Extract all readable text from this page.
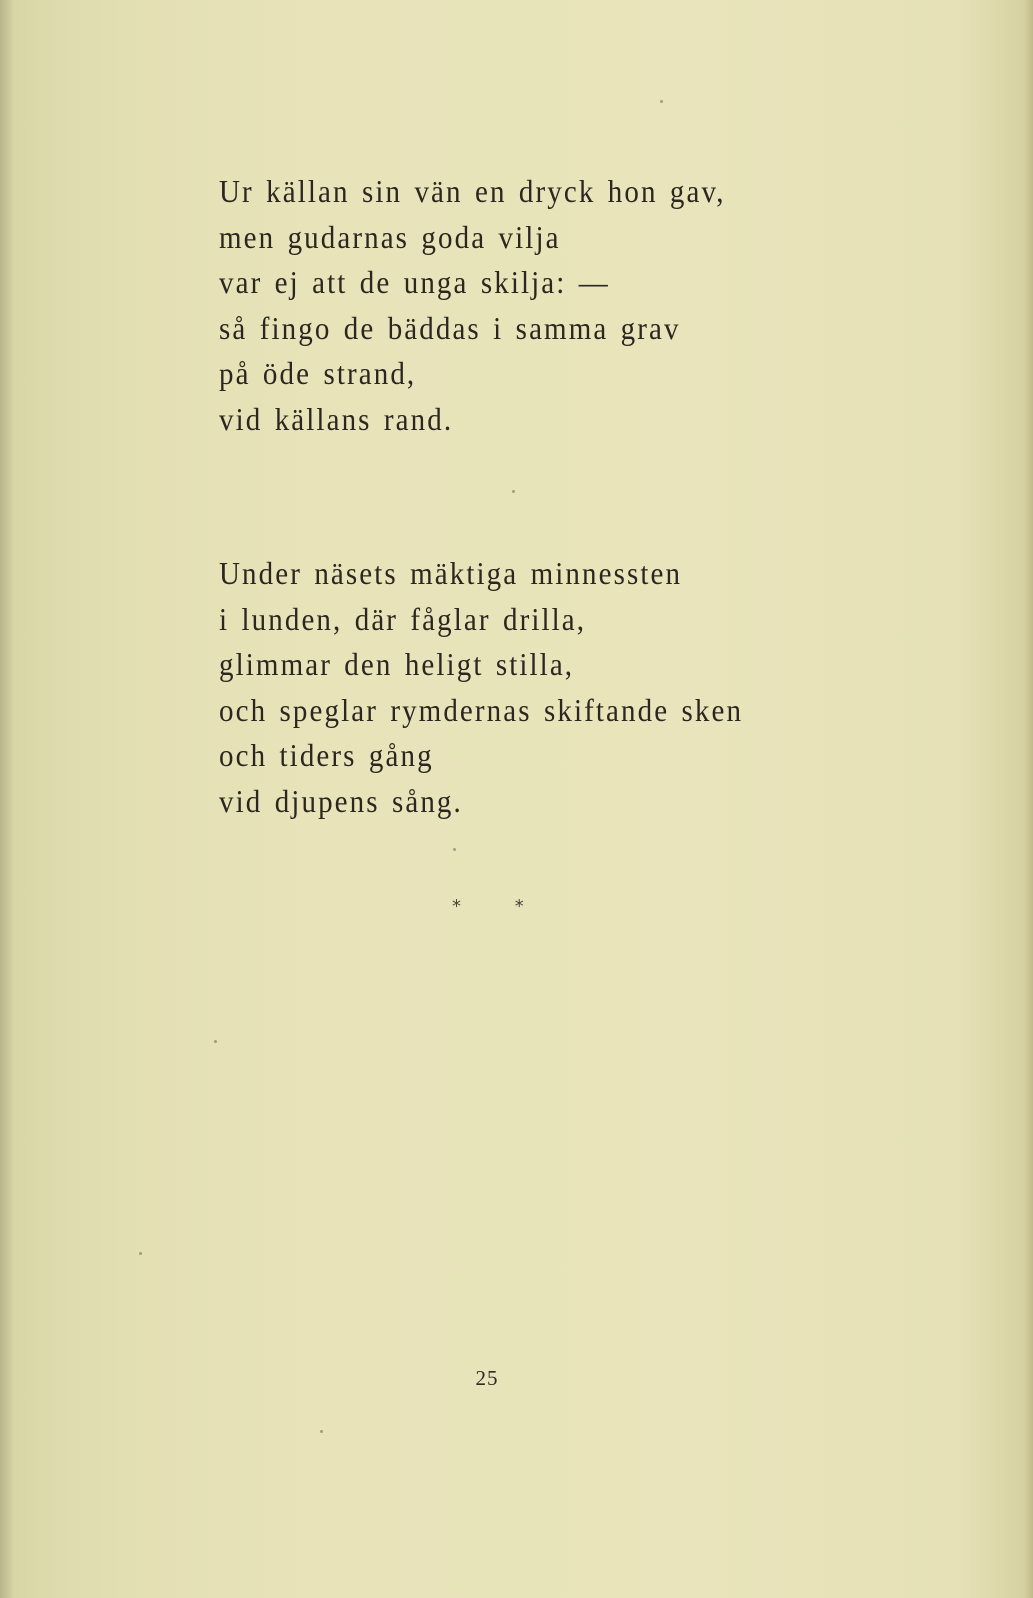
Ur källan sin vän en dryck hon gav,
men gudarnas goda vilja
var ej att de unga skilja: —
så fingo de bäddas i samma grav
på öde strand,
vid källans rand.
Under näsets mäktiga minnessten
i lunden, där fåglar drilla,
glimmar den heligt stilla,
och speglar rymdernas skiftande sken
och tiders gång
vid djupens sång.
* *
25
